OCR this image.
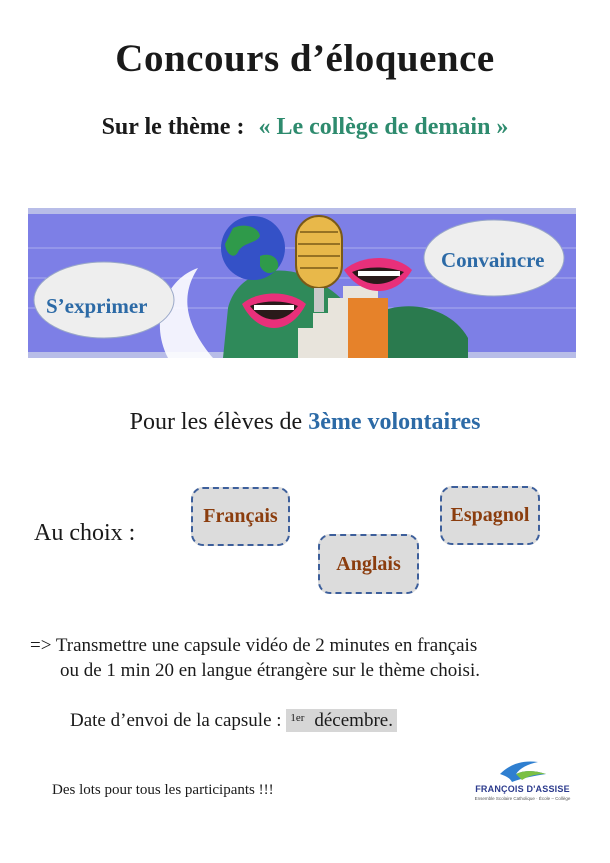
Concours d’éloquence
Sur le thème : « Le collège de demain »
S’exprimer
Convaincre
Pour les élèves de 3ème volontaires
Au choix :
Français
Anglais
Espagnol
=> Transmettre une capsule vidéo de 2 minutes en français
ou de 1 min 20 en langue étrangère sur le thème choisi.
Date d’envoi de la capsule : $^{1er}$ décembre.
Des lots pour tous les participants !!!	FRANÇOIS D'ASSISE
Ensemble Scolaire Catholique · École – Collège
